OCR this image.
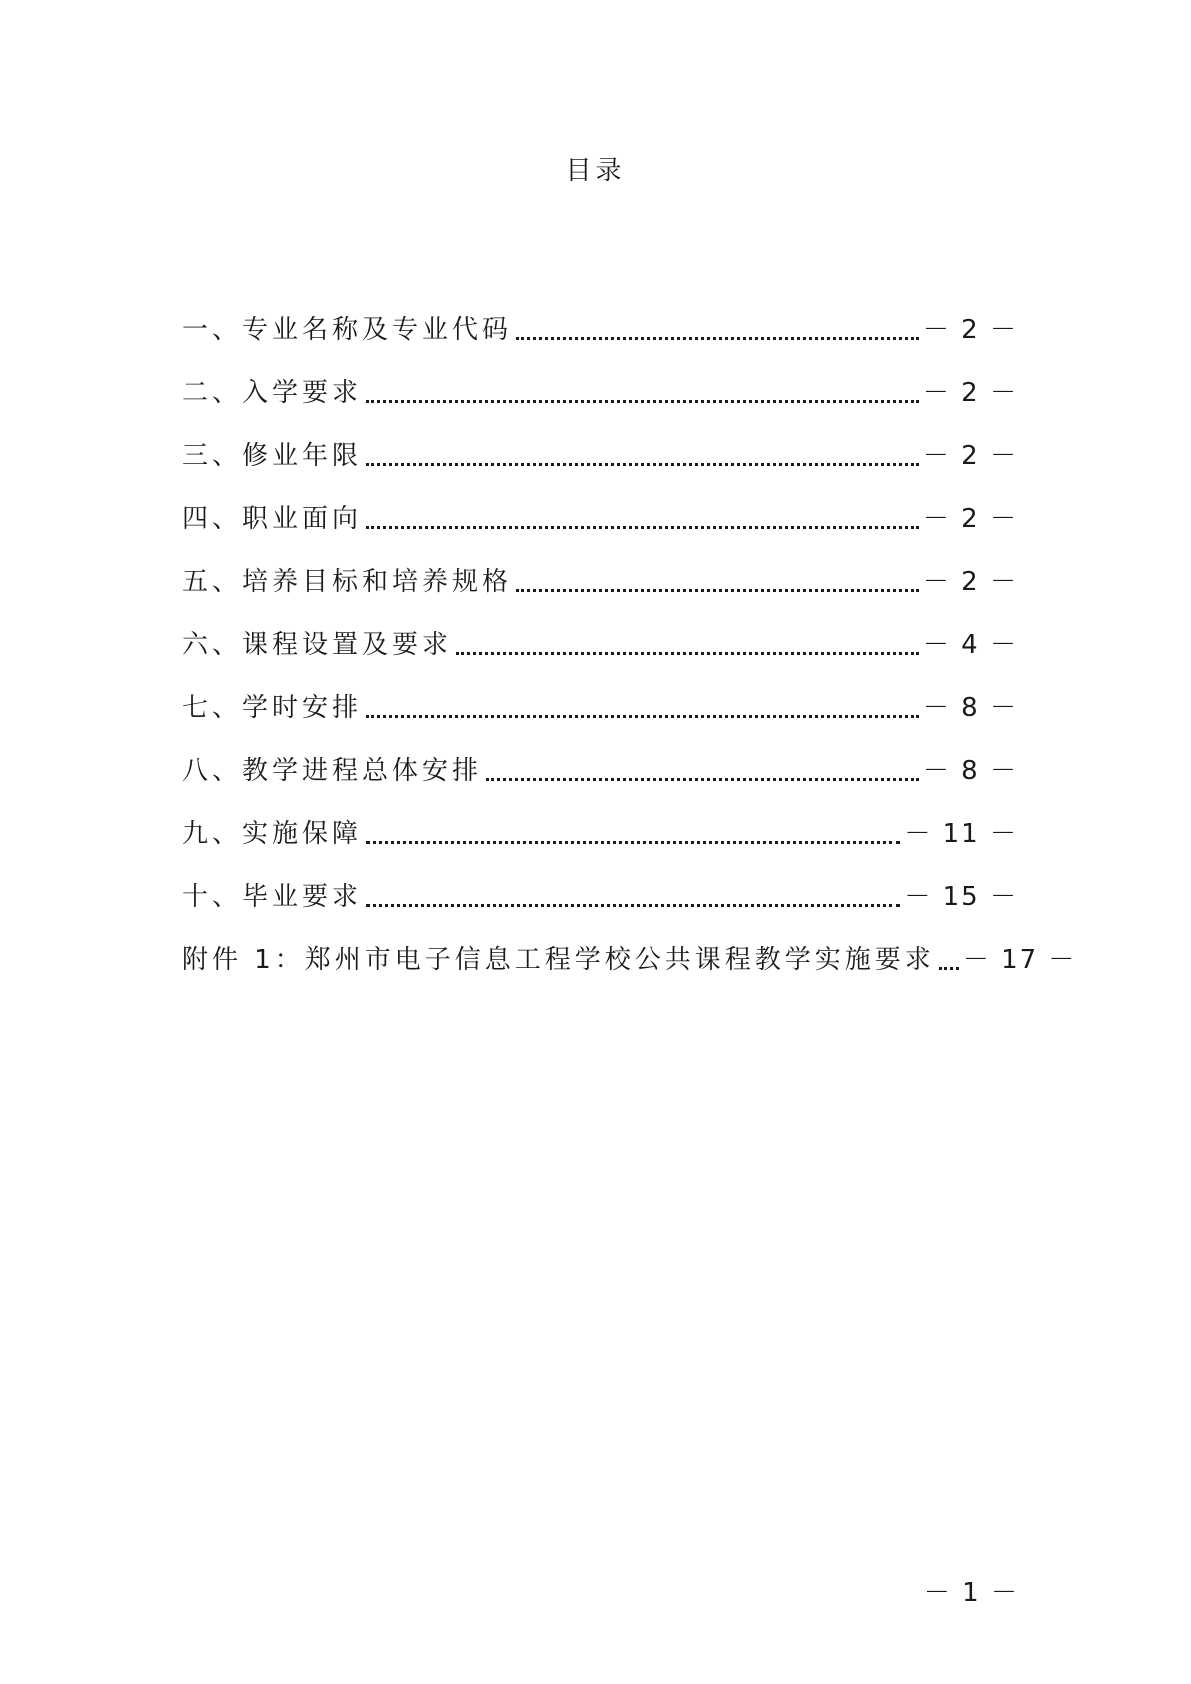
目录
一、专业名称及专业代码	－ 2 －
二、入学要求	－ 2 －
三、修业年限	－ 2 －
四、职业面向	－ 2 －
五、培养目标和培养规格	－ 2 －
六、课程设置及要求	－ 4 －
七、学时安排	－ 8 －
八、教学进程总体安排	－ 8 －
九、实施保障	－ 11 －
十、毕业要求	－ 15 －
附件 1：郑州市电子信息工程学校公共课程教学实施要求 － 17 －
－ 1 －
